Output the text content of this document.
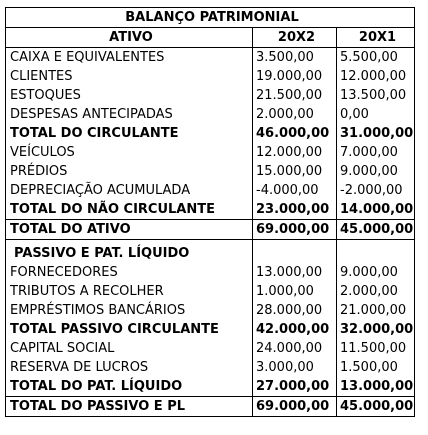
BALANÇO PATRIMONIAL		
ATIVO	20X2	20X1
CAIXA E EQUIVALENTES	3.500,00	5.500,00
CLIENTES	19.000,00	12.000,00
ESTOQUES	21.500,00	13.500,00
DESPESAS ANTECIPADAS	2.000,00	0,00
TOTAL DO CIRCULANTE	46.000,00	31.000,00
VEÍCULOS	12.000,00	7.000,00
PRÉDIOS	15.000,00	9.000,00
DEPRECIAÇÃO ACUMULADA	-4.000,00	-2.000,00
TOTAL DO NÃO CIRCULANTE	23.000,00	14.000,00
TOTAL DO ATIVO	69.000,00	45.000,00

PASSIVO E PAT. LÍQUIDO		
FORNECEDORES	13.000,00	9.000,00
TRIBUTOS A RECOLHER	1.000,00	2.000,00
EMPRÉSTIMOS BANCÁRIOS	28.000,00	21.000,00
TOTAL PASSIVO CIRCULANTE	42.000,00	32.000,00
CAPITAL SOCIAL	24.000,00	11.500,00
RESERVA DE LUCROS	3.000,00	1.500,00
TOTAL DO PAT. LÍQUIDO	27.000,00	13.000,00
TOTAL DO PASSIVO E PL	69.000,00	45.000,00
